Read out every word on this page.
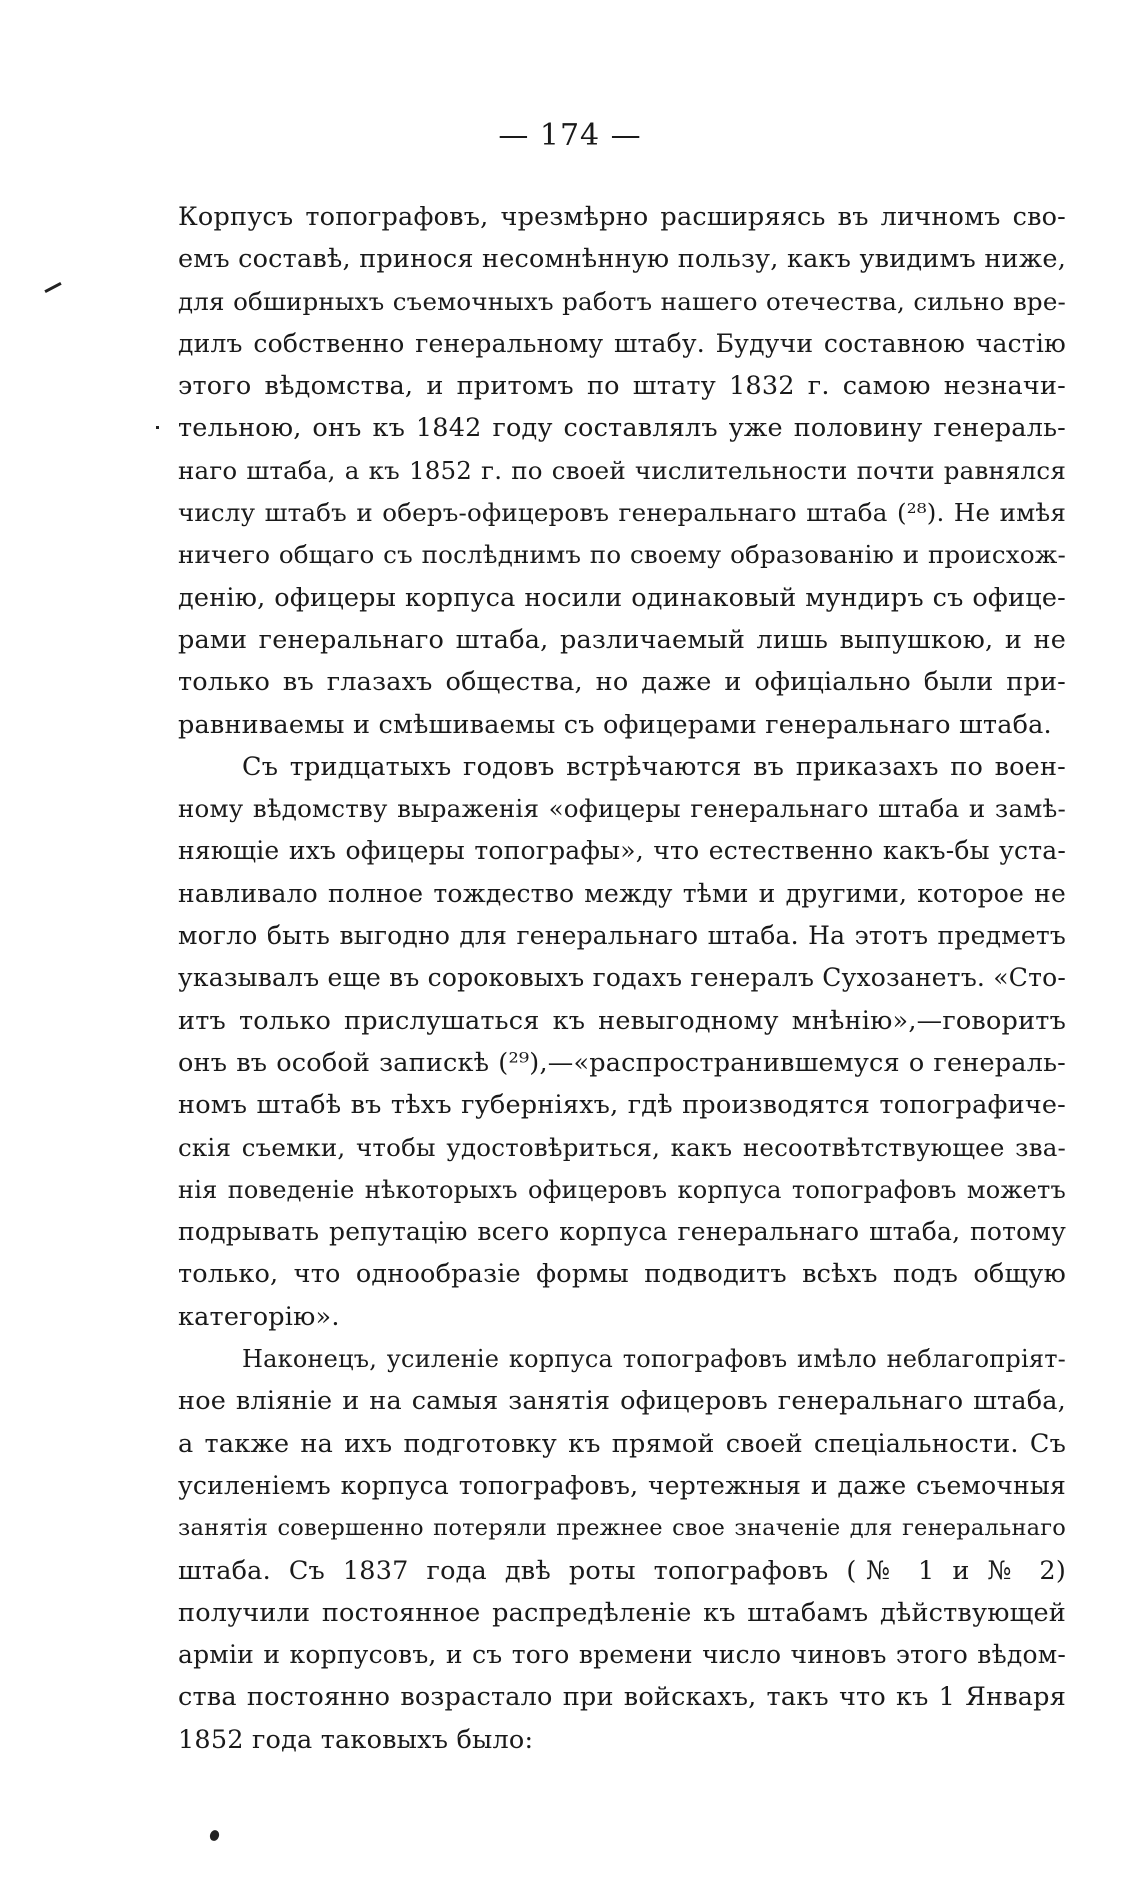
— 174 —
Корпусъ топографовъ, чрезмѣрно расширяясь въ личномъ сво-
емъ составѣ, принося несомнѣнную пользу, какъ увидимъ ниже,
для обширныхъ съемочныхъ работъ нашего отечества, сильно вре-
дилъ собственно генеральному штабу. Будучи составною частію
этого вѣдомства, и притомъ по штату 1832 г. самою незначи-
тельною, онъ къ 1842 году составлялъ уже половину генераль-
наго штаба, а къ 1852 г. по своей числительности почти равнялся
числу штабъ и оберъ-офицеровъ генеральнаго штаба (²⁸). Не имѣя
ничего общаго съ послѣднимъ по своему образованію и происхож-
денію, офицеры корпуса носили одинаковый мундиръ съ офице-
рами генеральнаго штаба, различаемый лишь выпушкою, и не
только въ глазахъ общества, но даже и офиціально были при-
равниваемы и смѣшиваемы съ офицерами генеральнаго штаба.
Съ тридцатыхъ годовъ встрѣчаются въ приказахъ по воен-
ному вѣдомству выраженія «офицеры генеральнаго штаба и замѣ-
няющіе ихъ офицеры топографы», что естественно какъ-бы уста-
навливало полное тождество между тѣми и другими, которое не
могло быть выгодно для генеральнаго штаба. На этотъ предметъ
указывалъ еще въ сороковыхъ годахъ генералъ Сухозанетъ. «Сто-
итъ только прислушаться къ невыгодному мнѣнію»,—говоритъ
онъ въ особой запискѣ (²⁹),—«распространившемуся о генераль-
номъ штабѣ въ тѣхъ губерніяхъ, гдѣ производятся топографиче-
скія съемки, чтобы удостовѣриться, какъ несоотвѣтствующее зва-
нія поведеніе нѣкоторыхъ офицеровъ корпуса топографовъ можетъ
подрывать репутацію всего корпуса генеральнаго штаба, потому
только, что однообразіе формы подводитъ всѣхъ подъ общую
категорію».
Наконецъ, усиленіе корпуса топографовъ имѣло неблагопріят-
ное вліяніе и на самыя занятія офицеровъ генеральнаго штаба,
а также на ихъ подготовку къ прямой своей спеціальности. Съ
усиленіемъ корпуса топографовъ, чертежныя и даже съемочныя
занятія совершенно потеряли прежнее свое значеніе для генеральнаго
штаба. Съ 1837 года двѣ роты топографовъ (№ 1 и № 2)
получили постоянное распредѣленіе къ штабамъ дѣйствующей
арміи и корпусовъ, и съ того времени число чиновъ этого вѣдом-
ства постоянно возрастало при войскахъ, такъ что къ 1 Января
1852 года таковыхъ было:
